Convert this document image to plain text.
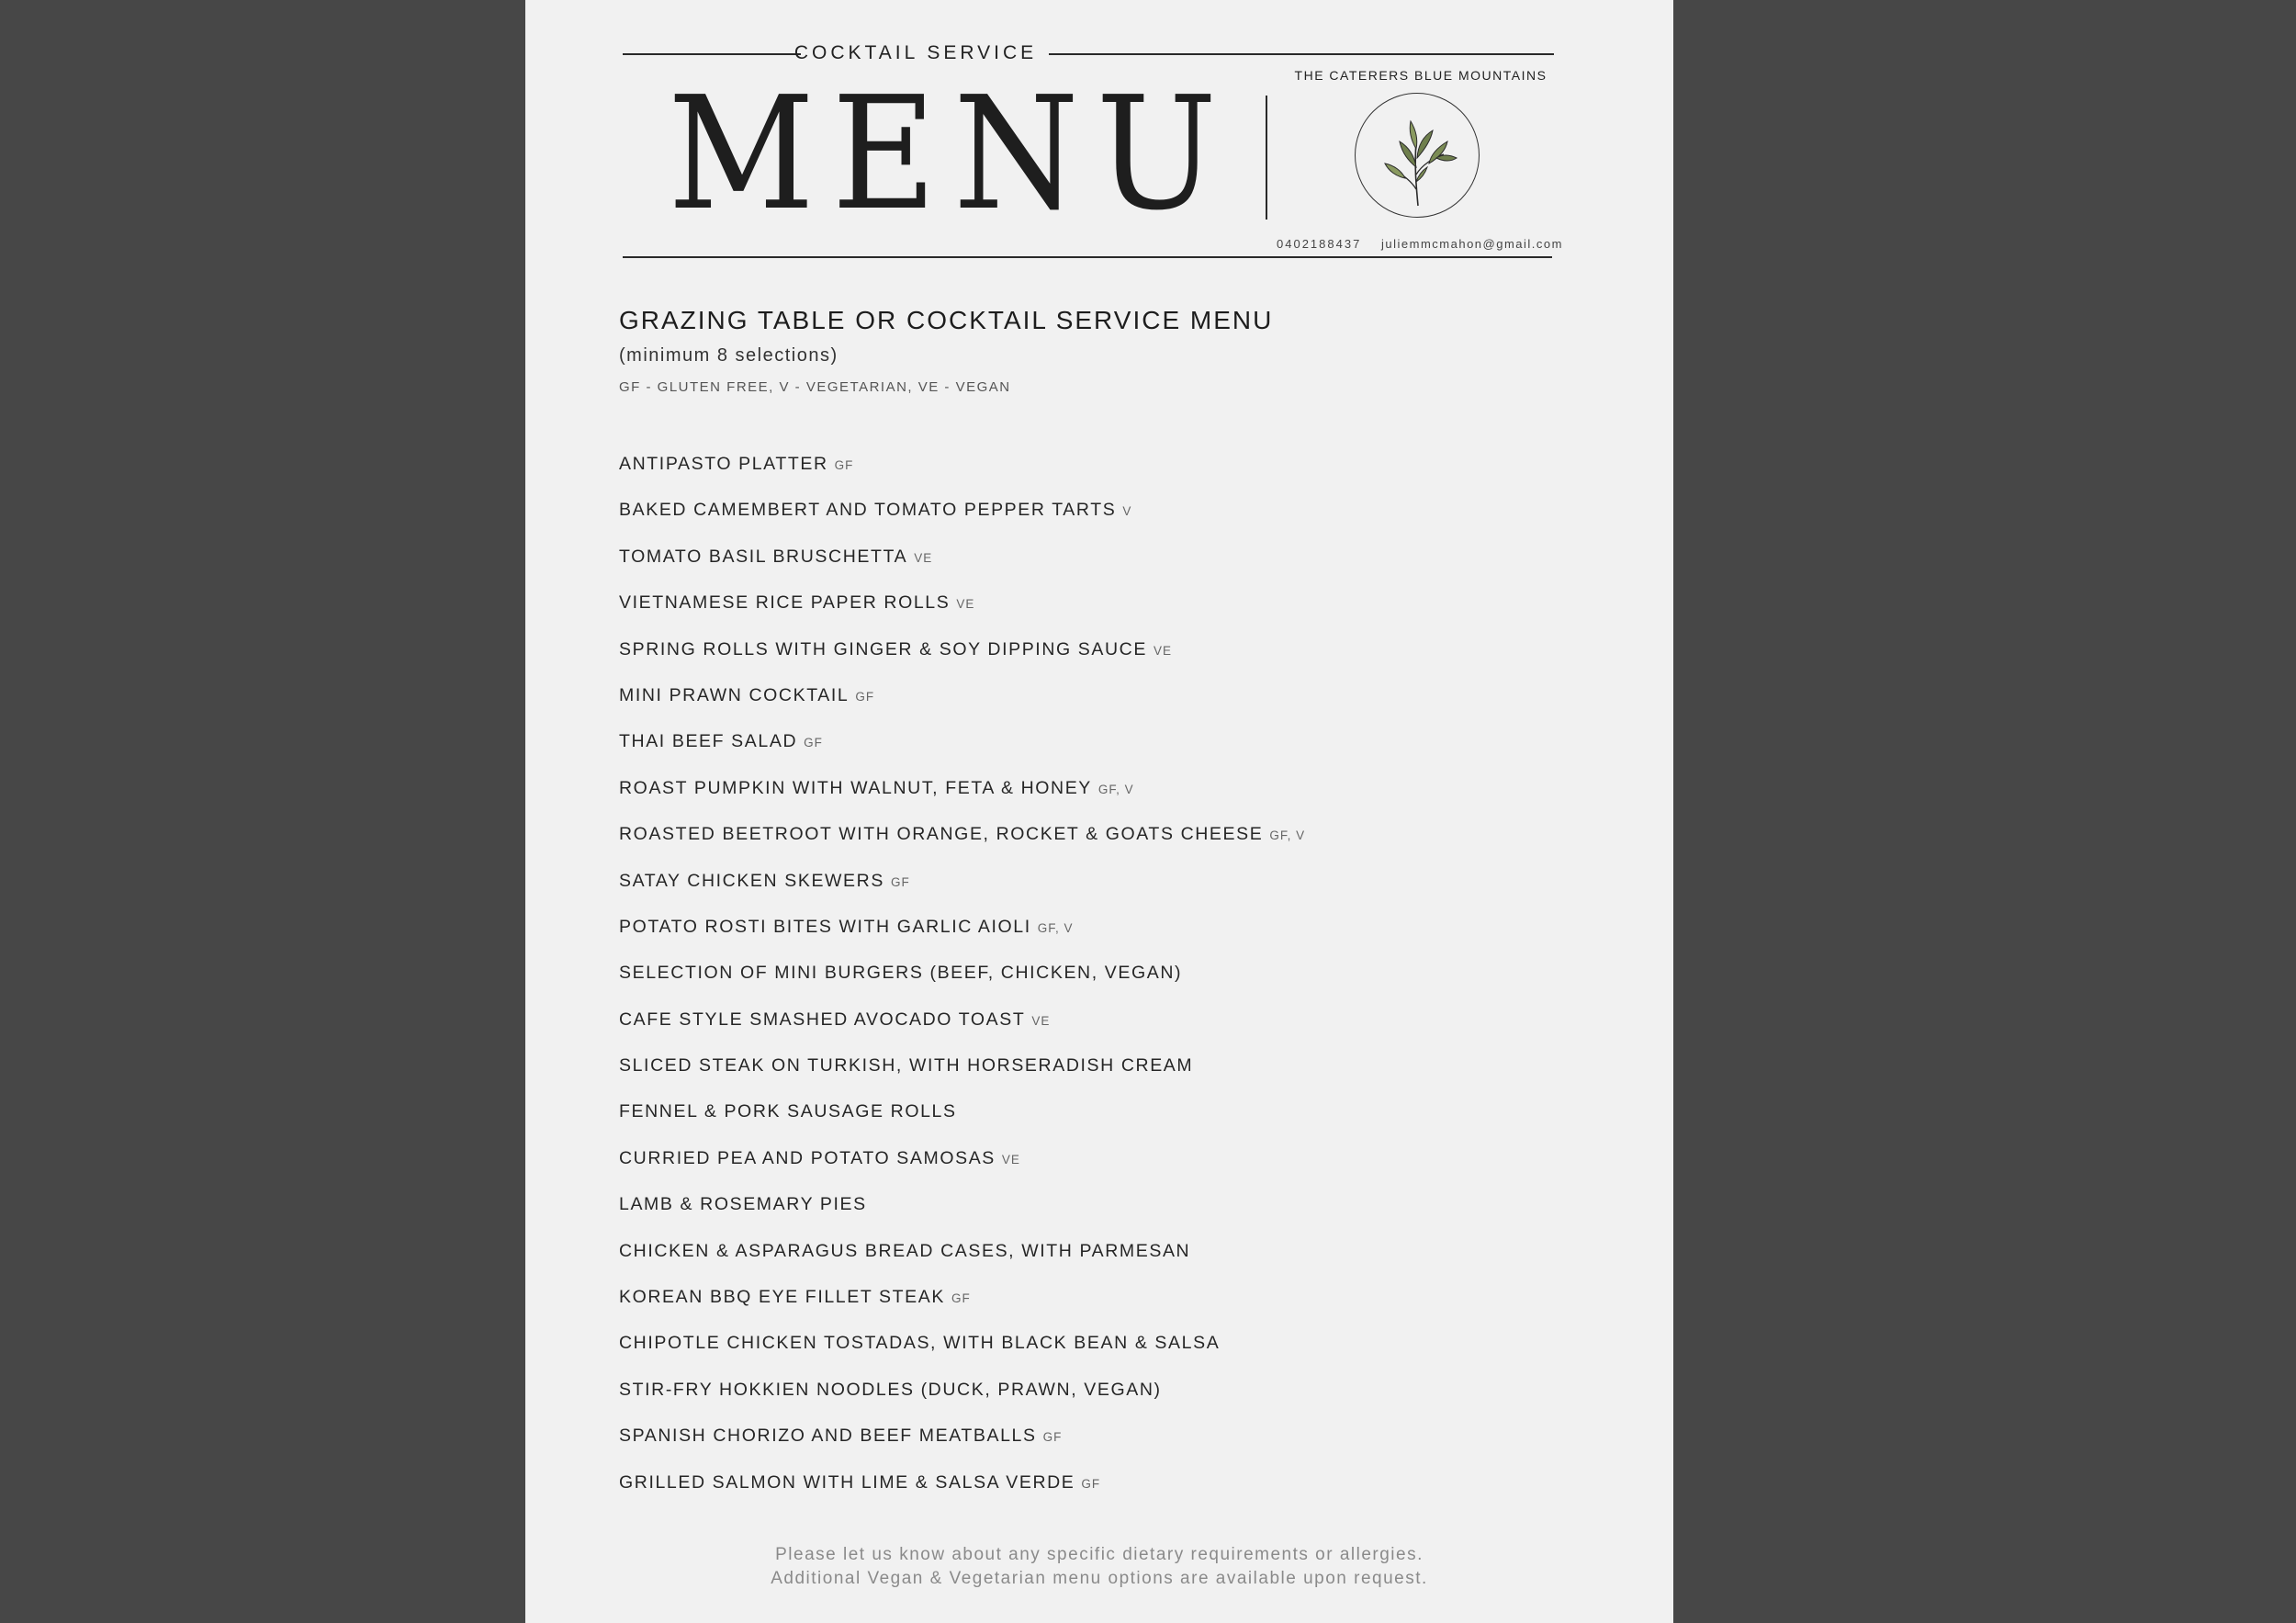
COCKTAIL SERVICE
MENU	THE CATERERS BLUE MOUNTAINS
0402188437 juliemmcmahon@gmail.com
GRAZING TABLE OR COCKTAIL SERVICE MENU
(minimum 8 selections)
GF - GLUTEN FREE, V - VEGETARIAN, VE - VEGAN
ANTIPASTO PLATTER GF
BAKED CAMEMBERT AND TOMATO PEPPER TARTS V
TOMATO BASIL BRUSCHETTA VE
VIETNAMESE RICE PAPER ROLLS VE
SPRING ROLLS WITH GINGER & SOY DIPPING SAUCE VE
MINI PRAWN COCKTAIL GF
THAI BEEF SALAD GF
ROAST PUMPKIN WITH WALNUT, FETA & HONEY GF, V
ROASTED BEETROOT WITH ORANGE, ROCKET & GOATS CHEESE GF, V
SATAY CHICKEN SKEWERS GF
POTATO ROSTI BITES WITH GARLIC AIOLI GF, V
SELECTION OF MINI BURGERS (BEEF, CHICKEN, VEGAN)
CAFE STYLE SMASHED AVOCADO TOAST VE
SLICED STEAK ON TURKISH, WITH HORSERADISH CREAM
FENNEL & PORK SAUSAGE ROLLS
CURRIED PEA AND POTATO SAMOSAS VE
LAMB & ROSEMARY PIES
CHICKEN & ASPARAGUS BREAD CASES, WITH PARMESAN
KOREAN BBQ EYE FILLET STEAK GF
CHIPOTLE CHICKEN TOSTADAS, WITH BLACK BEAN & SALSA
STIR-FRY HOKKIEN NOODLES (DUCK, PRAWN, VEGAN)
SPANISH CHORIZO AND BEEF MEATBALLS GF
GRILLED SALMON WITH LIME & SALSA VERDE GF
Please let us know about any specific dietary requirements or allergies.
Additional Vegan & Vegetarian menu options are available upon request.
